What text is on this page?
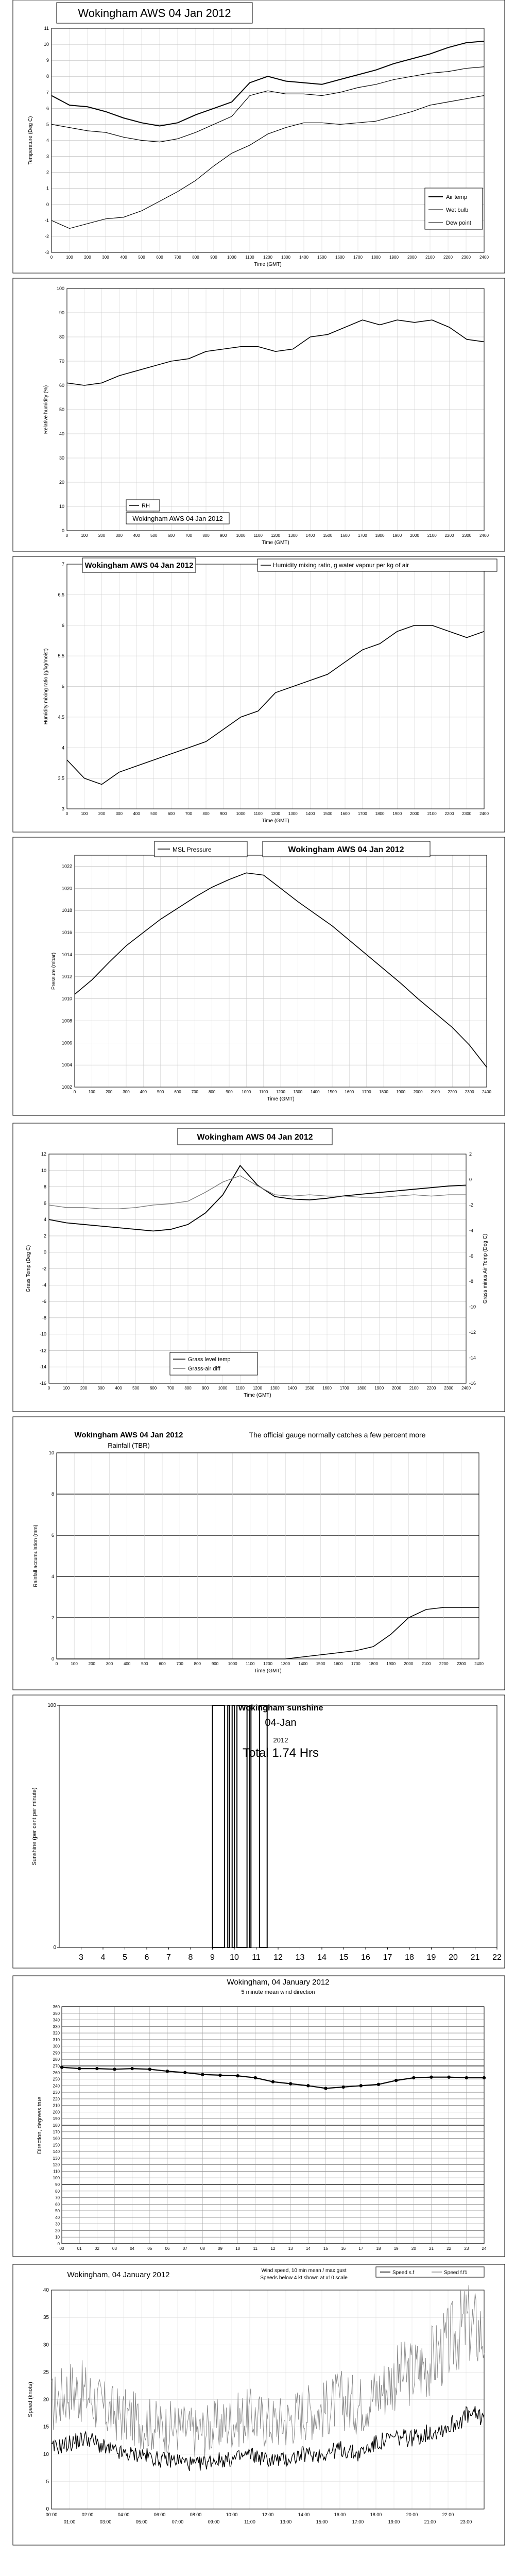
-3
-2
-1
0
1
2
3
4
5
6
7
8
9
10
11
0	100	200	300	400	500	600	700	800	900 1000 1100 1200 1300 1400 1500 1600 1700 1800 1900 2000 2100 2200 2300 2400
Time (GMT)
Temperature (Deg C)
Wokingham AWS 04 Jan 2012
Air temp
Wet bulb
Dew point
0
10
20
30
40
50
60
70
80
90
100
0	100	200	300	400	500	600	700	800	900 1000 1100 1200 1300 1400 1500 1600 1700 1800 1900 2000 2100 2200 2300 2400
Time (GMT)
Relative humidity (%)
RH
Wokingham AWS 04 Jan 2012
3
3.5
4
4.5
5
5.5
6
6.5
7
0	100	200	300	400	500	600	700	800	900 1000 1100 1200 1300 1400 1500 1600 1700 1800 1900 2000 2100 2200 2300 2400
Time (GMT)
Humidity mixing ratio (g/kg/moist)
Wokingham AWS 04 Jan 2012	Humidity mixing ratio, g water vapour per kg of air
1002
1004
1006
1008
1010
1012
1014
1016
1018
1020
1022
0	100 200 300 400 500 600 700 800 900 1000 1100 1200 1300 1400 1500 1600 1700 1800 1900 2000 2100 2200 2300 2400
Time (GMT)
Pressure (mbar)
MSL Pressure	Wokingham AWS 04 Jan 2012
-16
-14
-12
-10
-8
-6
-4
-2
0
2
4
6
8
10
12
-16
-14
-12
-10
-8
-6
-4
-2
0
2
0	100	200	300	400	500	600	700	800	900 1000 1100 1200 1300 1400 1500 1600 1700 1800 1900 2000 2100 2200 2300 2400
Wokingham AWS 04 Jan 2012
Grass level temp
Grass-air diff
Time (GMT)
Grass Temp (Deg C)	Grass minus Air Temp (Deg C)
0
2
4
6
8
10
0	100	200	300	400	500	600	700	800	900 1000 1100 1200 1300 1400 1500 1600 1700 1800 1900 2000 2100 2200 2300 2400
Time (GMT)
Rainfall accumulation (mm)
Wokingham AWS 04 Jan 2012
Rainfall (TBR)
The official gauge normally catches a few percent more
0
100
3 4 5 6 7 8 9 10 11 12 13 14 15 16 17 18 19 20 21 22
Wokingham sunshine
04-Jan
2012
Total 1.74 Hrs
Sunshine (per cent per minute)
0
10
20
30
40
50
60
70
80
90
100
110
120
130
140
150
160
170
180
190
200
210
220
230
240
250
260
270
280
290
300
310
320
330
340
350
360
00	01	02	03	04	05	06	07	08	09	10	11	12	13	14	15	16	17	18	19	20	21	22	23	24
Wokingham, 04 January 2012
5 minute mean wind direction
Direction, degrees true
0
5
10
15
20
25
30
35
40
00:00	02:00	04:00	06:00	08:00	10:00	12:00	14:00	16:00	18:00	20:00	22:00
01:00	03:00	05:00	07:00	09:00	11:00	13:00	15:00	17:00	19:00	21:00	23:00
Wokingham, 04 January 2012	Wind speed, 10 min mean / max gust
Speeds below 4 kt shown at x10 scale
Speed s.f	Speed f.f1
Speed (knots)
